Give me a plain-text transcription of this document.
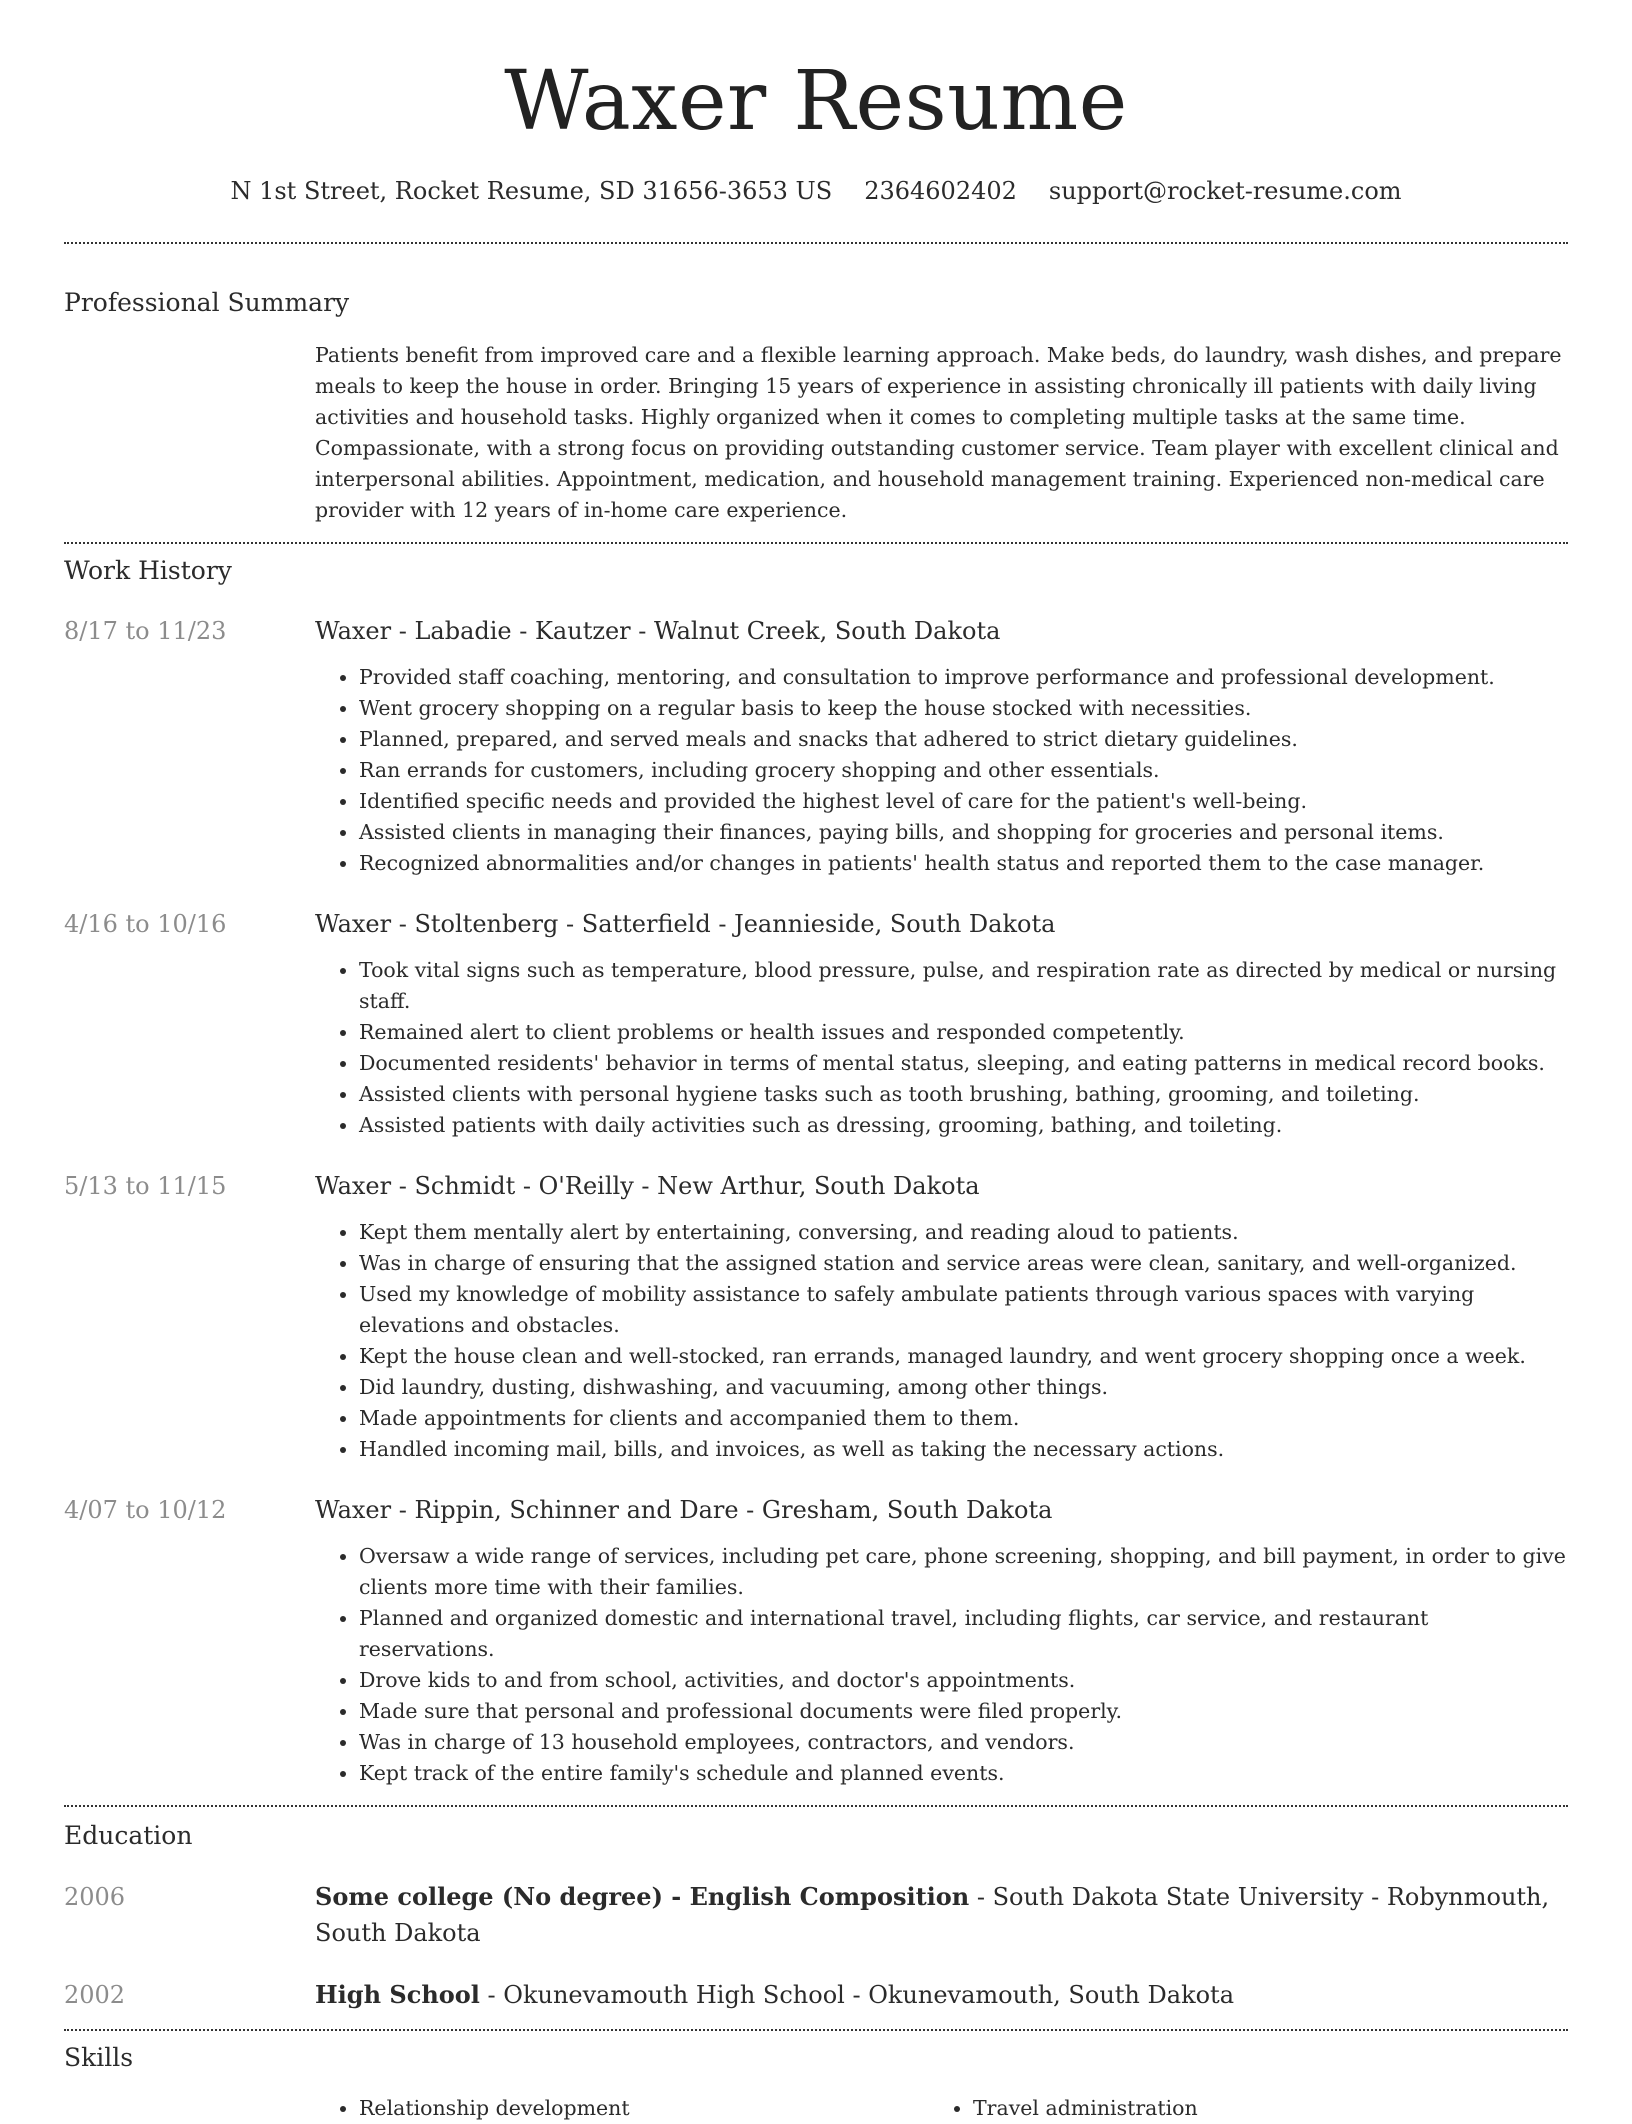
Waxer Resume
N 1st Street, Rocket Resume, SD 31656-3653 US 2364602402 support@rocket-resume.com
Professional Summary
Patients benefit from improved care and a flexible learning approach. Make beds, do laundry, wash dishes, and prepare meals to keep the house in order. Bringing 15 years of experience in assisting chronically ill patients with daily living activities and household tasks. Highly organized when it comes to completing multiple tasks at the same time. Compassionate, with a strong focus on providing outstanding customer service. Team player with excellent clinical and interpersonal abilities. Appointment, medication, and household management training. Experienced non-medical care provider with 12 years of in-home care experience.
Work History
8/17 to 11/23	Waxer - Labadie - Kautzer - Walnut Creek, South Dakota
• Provided staff coaching, mentoring, and consultation to improve performance and professional development.
• Went grocery shopping on a regular basis to keep the house stocked with necessities.
• Planned, prepared, and served meals and snacks that adhered to strict dietary guidelines.
• Ran errands for customers, including grocery shopping and other essentials.
• Identified specific needs and provided the highest level of care for the patient's well-being.
• Assisted clients in managing their finances, paying bills, and shopping for groceries and personal items.
• Recognized abnormalities and/or changes in patients' health status and reported them to the case manager.
4/16 to 10/16	Waxer - Stoltenberg - Satterfield - Jeannieside, South Dakota
• Took vital signs such as temperature, blood pressure, pulse, and respiration rate as directed by medical or nursing staff.
• Remained alert to client problems or health issues and responded competently.
• Documented residents' behavior in terms of mental status, sleeping, and eating patterns in medical record books.
• Assisted clients with personal hygiene tasks such as tooth brushing, bathing, grooming, and toileting.
• Assisted patients with daily activities such as dressing, grooming, bathing, and toileting.
5/13 to 11/15	Waxer - Schmidt - O'Reilly - New Arthur, South Dakota
• Kept them mentally alert by entertaining, conversing, and reading aloud to patients.
• Was in charge of ensuring that the assigned station and service areas were clean, sanitary, and well-organized.
• Used my knowledge of mobility assistance to safely ambulate patients through various spaces with varying elevations and obstacles.
• Kept the house clean and well-stocked, ran errands, managed laundry, and went grocery shopping once a week.
• Did laundry, dusting, dishwashing, and vacuuming, among other things.
• Made appointments for clients and accompanied them to them.
• Handled incoming mail, bills, and invoices, as well as taking the necessary actions.
4/07 to 10/12	Waxer - Rippin, Schinner and Dare - Gresham, South Dakota
• Oversaw a wide range of services, including pet care, phone screening, shopping, and bill payment, in order to give clients more time with their families.
• Planned and organized domestic and international travel, including flights, car service, and restaurant reservations.
• Drove kids to and from school, activities, and doctor's appointments.
• Made sure that personal and professional documents were filed properly.
• Was in charge of 13 household employees, contractors, and vendors.
• Kept track of the entire family's schedule and planned events.
Education
2006	Some college (No degree) - English Composition - South Dakota State University - Robynmouth, South Dakota
2002	High School - Okunevamouth High School - Okunevamouth, South Dakota
Skills
• Relationship development
•	Travel administration
